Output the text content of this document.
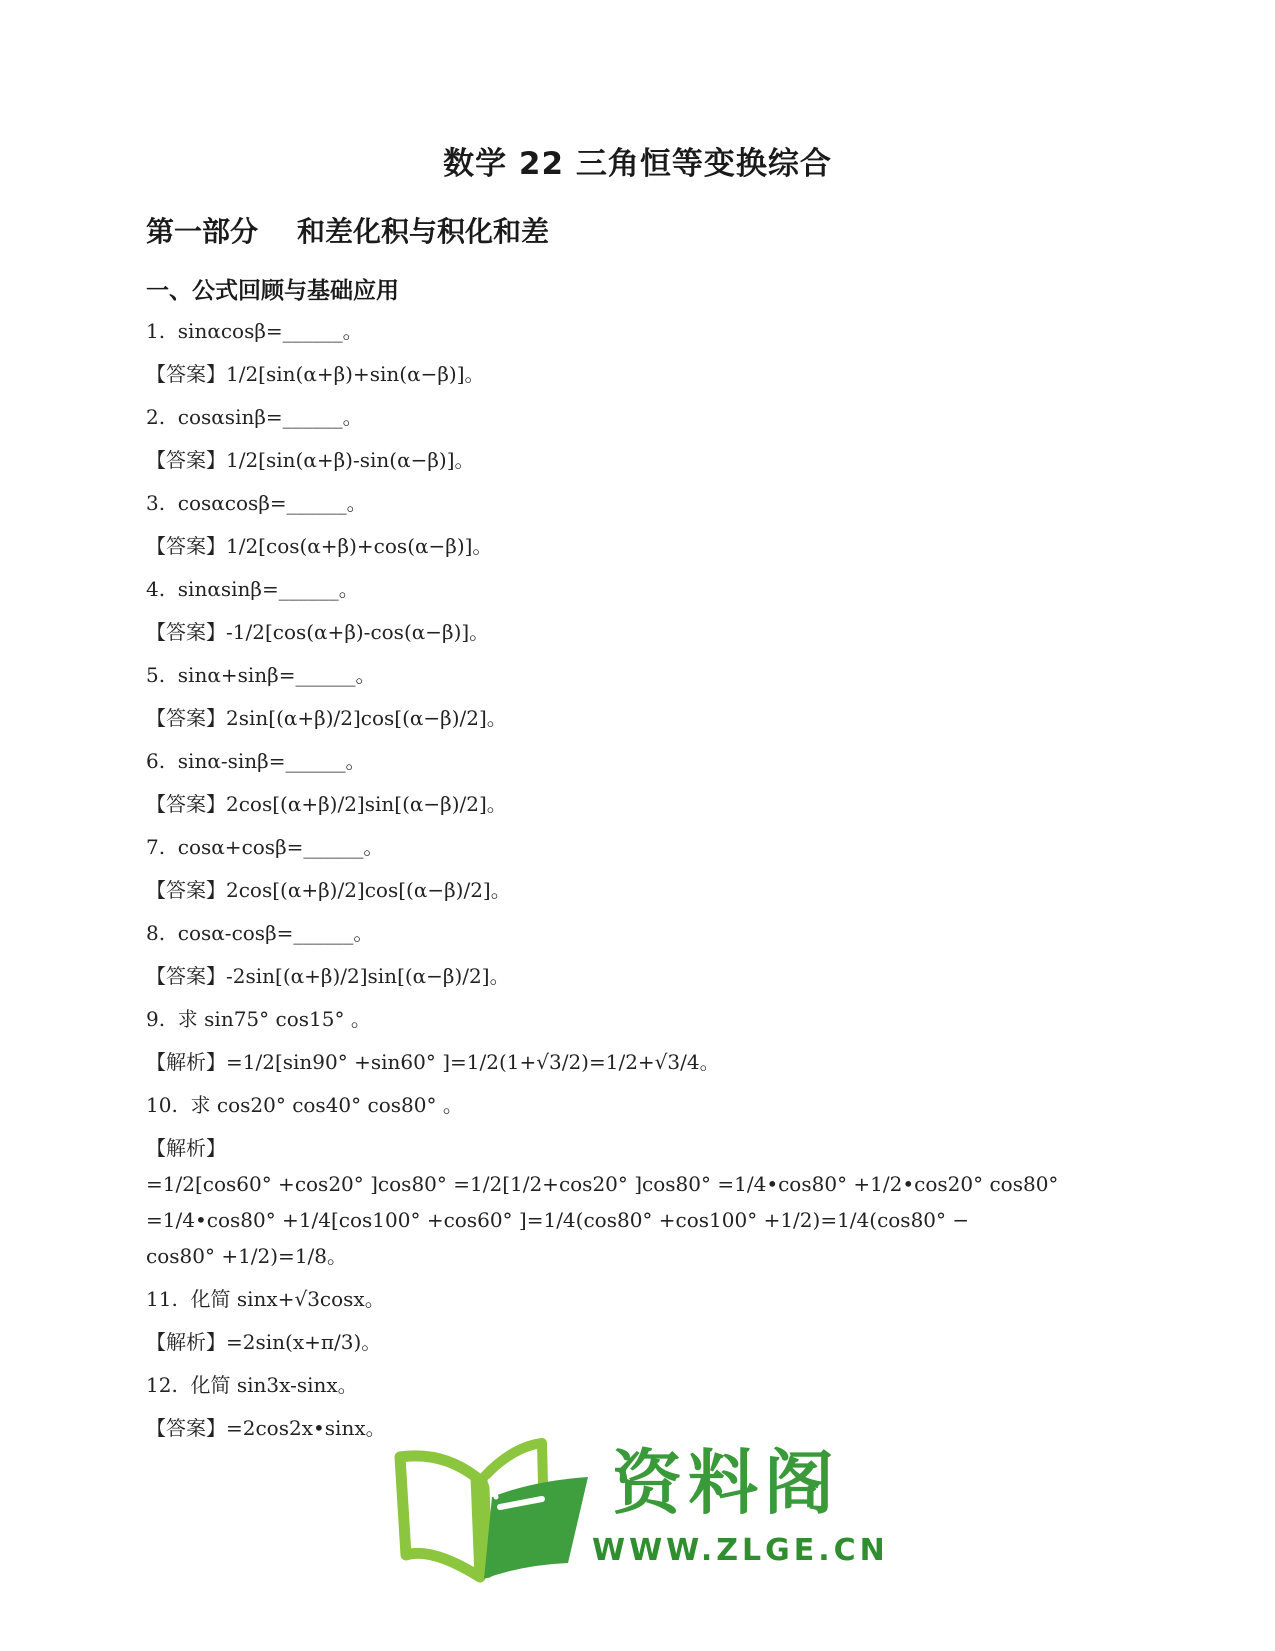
数学 22 三角恒等变换综合
第一部分    和差化积与积化和差
一、公式回顾与基础应用
1.  sinαcosβ=______。
【答案】1/2[sin(α+β)+sin(α−β)]。
2.  cosαsinβ=______。
【答案】1/2[sin(α+β)-sin(α−β)]。
3.  cosαcosβ=______。
【答案】1/2[cos(α+β)+cos(α−β)]。
4.  sinαsinβ=______。
【答案】-1/2[cos(α+β)-cos(α−β)]。
5.  sinα+sinβ=______。
【答案】2sin[(α+β)/2]cos[(α−β)/2]。
6.  sinα-sinβ=______。
【答案】2cos[(α+β)/2]sin[(α−β)/2]。
7.  cosα+cosβ=______。
【答案】2cos[(α+β)/2]cos[(α−β)/2]。
8.  cosα-cosβ=______。
【答案】-2sin[(α+β)/2]sin[(α−β)/2]。
9.  求 sin75° cos15° 。
【解析】=1/2[sin90° +sin60° ]=1/2(1+√3/2)=1/2+√3/4。
10.  求 cos20° cos40° cos80° 。
【解析】
=1/2[cos60° +cos20° ]cos80° =1/2[1/2+cos20° ]cos80° =1/4•cos80° +1/2•cos20° cos80°
=1/4•cos80° +1/4[cos100° +cos60° ]=1/4(cos80° +cos100° +1/2)=1/4(cos80° −
cos80° +1/2)=1/8。
11.  化简 sinx+√3cosx。
【解析】=2sin(x+π/3)。
12.  化简 sin3x-sinx。
【答案】=2cos2x•sinx。
资料阁
WWW.ZLGE.CN
